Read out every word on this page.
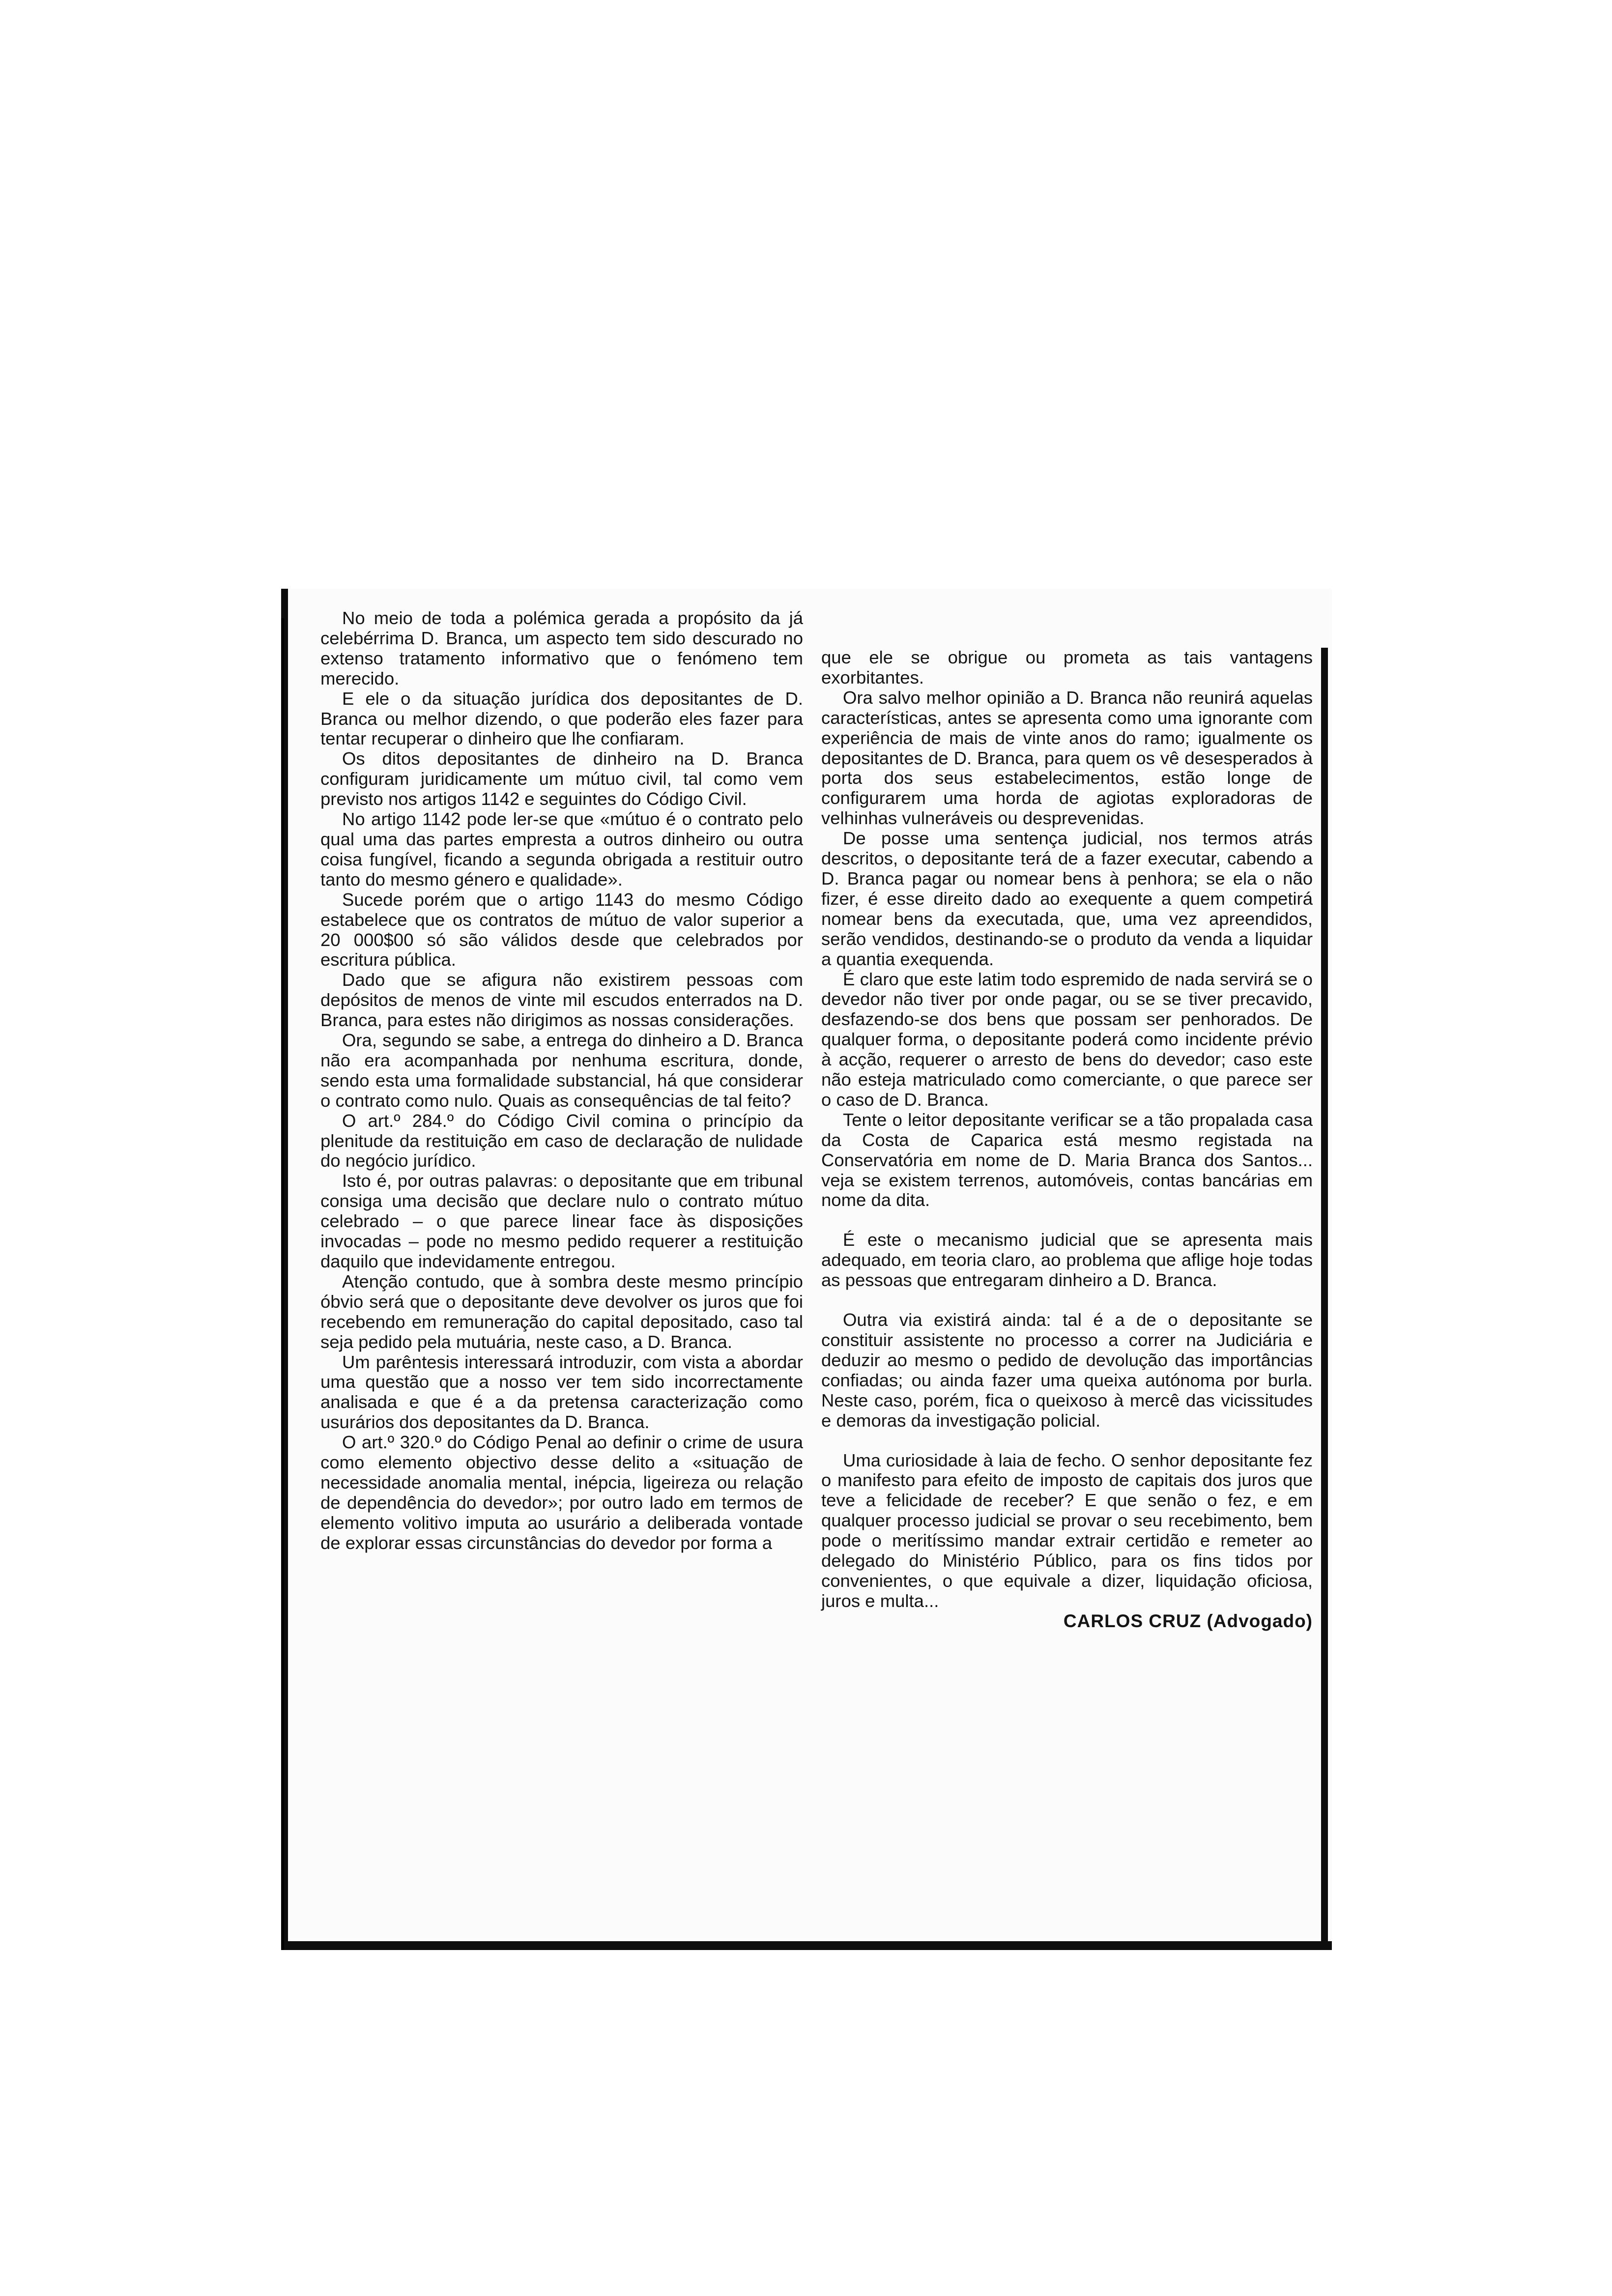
No meio de toda a polémica gerada a propósito da já celebérrima D. Branca, um aspecto tem sido descurado no extenso tratamento informativo que o fenómeno tem merecido.

E ele o da situação jurídica dos depositantes de D. Branca ou melhor dizendo, o que poderão eles fazer para tentar recuperar o dinheiro que lhe confiaram.

Os ditos depositantes de dinheiro na D. Branca configuram juridicamente um mútuo civil, tal como vem previsto nos artigos 1142 e seguintes do Código Civil.

No artigo 1142 pode ler-se que «mútuo é o contrato pelo qual uma das partes empresta a outros dinheiro ou outra coisa fungível, ficando a segunda obrigada a restituir outro tanto do mesmo género e qualidade».

Sucede porém que o artigo 1143 do mesmo Código estabelece que os contratos de mútuo de valor superior a 20 000$00 só são válidos desde que celebrados por escritura pública.

Dado que se afigura não existirem pessoas com depósitos de menos de vinte mil escudos enterrados na D. Branca, para estes não dirigimos as nossas considerações.

Ora, segundo se sabe, a entrega do dinheiro a D. Branca não era acompanhada por nenhuma escritura, donde, sendo esta uma formalidade substancial, há que considerar o contrato como nulo. Quais as consequências de tal feito?

O art.º 284.º do Código Civil comina o princípio da plenitude da restituição em caso de declaração de nulidade do negócio jurídico.

Isto é, por outras palavras: o depositante que em tribunal consiga uma decisão que declare nulo o contrato mútuo celebrado – o que parece linear face às disposições invocadas – pode no mesmo pedido requerer a restituição daquilo que indevidamente entregou.

Atenção contudo, que à sombra deste mesmo princípio óbvio será que o depositante deve devolver os juros que foi recebendo em remuneração do capital depositado, caso tal seja pedido pela mutuária, neste caso, a D. Branca.

Um parêntesis interessará introduzir, com vista a abordar uma questão que a nosso ver tem sido incorrectamente analisada e que é a da pretensa caracterização como usurários dos depositantes da D. Branca.

O art.º 320.º do Código Penal ao definir o crime de usura como elemento objectivo desse delito a «situação de necessidade anomalia mental, inépcia, ligeireza ou relação de dependência do devedor»; por outro lado em termos de elemento volitivo imputa ao usurário a deliberada vontade de explorar essas circunstâncias do devedor por forma a

que ele se obrigue ou prometa as tais vantagens exorbitantes.

Ora salvo melhor opinião a D. Branca não reunirá aquelas características, antes se apresenta como uma ignorante com experiência de mais de vinte anos do ramo; igualmente os depositantes de D. Branca, para quem os vê desesperados à porta dos seus estabelecimentos, estão longe de configurarem uma horda de agiotas exploradoras de velhinhas vulneráveis ou desprevenidas.

De posse uma sentença judicial, nos termos atrás descritos, o depositante terá de a fazer executar, cabendo a D. Branca pagar ou nomear bens à penhora; se ela o não fizer, é esse direito dado ao exequente a quem competirá nomear bens da executada, que, uma vez apreendidos, serão vendidos, destinando-se o produto da venda a liquidar a quantia exequenda.

É claro que este latim todo espremido de nada servirá se o devedor não tiver por onde pagar, ou se se tiver precavido, desfazendo-se dos bens que possam ser penhorados. De qualquer forma, o depositante poderá como incidente prévio à acção, requerer o arresto de bens do devedor; caso este não esteja matriculado como comerciante, o que parece ser o caso de D. Branca.

Tente o leitor depositante verificar se a tão propalada casa da Costa de Caparica está mesmo registada na Conservatória em nome de D. Maria Branca dos Santos... veja se existem terrenos, automóveis, contas bancárias em nome da dita.

É este o mecanismo judicial que se apresenta mais adequado, em teoria claro, ao problema que aflige hoje todas as pessoas que entregaram dinheiro a D. Branca.

Outra via existirá ainda: tal é a de o depositante se constituir assistente no processo a correr na Judiciária e deduzir ao mesmo o pedido de devolução das importâncias confiadas; ou ainda fazer uma queixa autónoma por burla. Neste caso, porém, fica o queixoso à mercê das vicissitudes e demoras da investigação policial.

Uma curiosidade à laia de fecho. O senhor depositante fez o manifesto para efeito de imposto de capitais dos juros que teve a felicidade de receber? E que senão o fez, e em qualquer processo judicial se provar o seu recebimento, bem pode o meritíssimo mandar extrair certidão e remeter ao delegado do Ministério Público, para os fins tidos por convenientes, o que equivale a dizer, liquidação oficiosa, juros e multa...

CARLOS CRUZ (Advogado)
